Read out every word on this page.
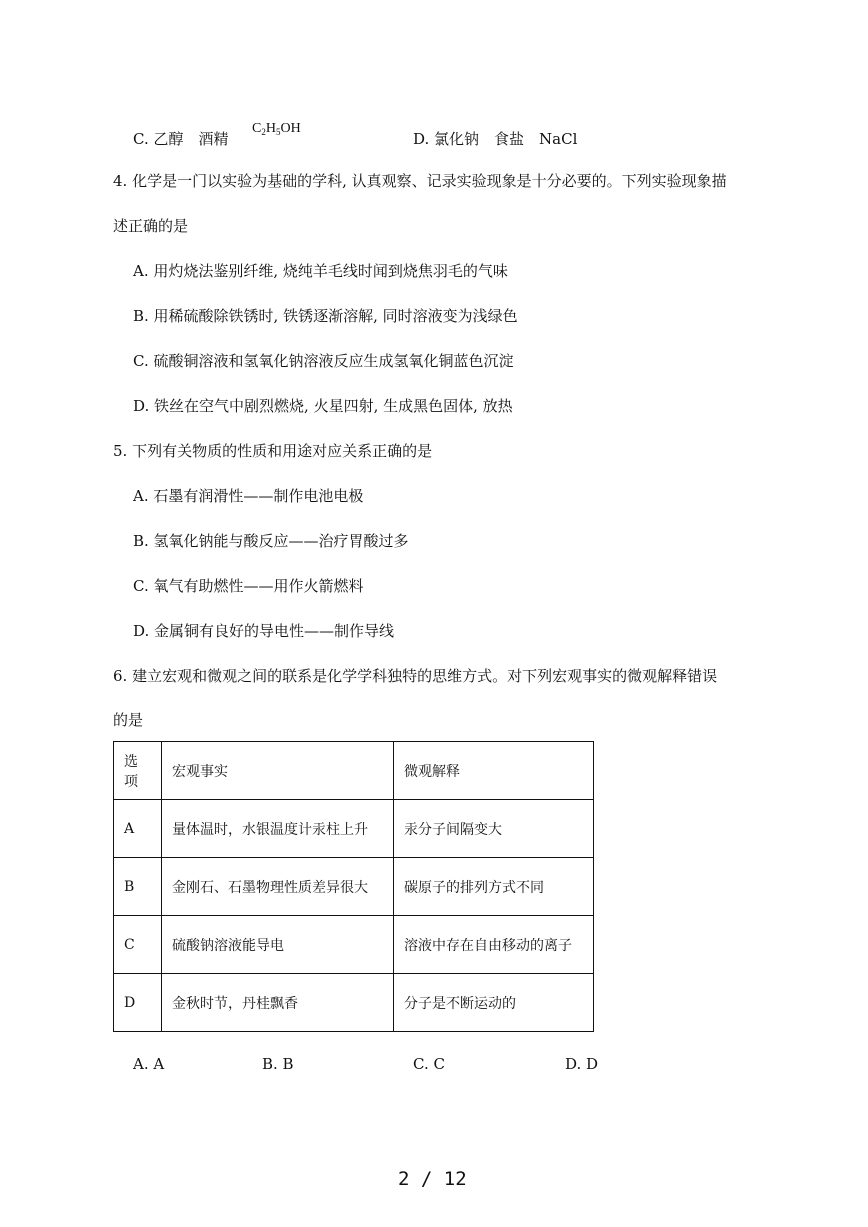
C. 乙醇　酒精
$C_2H_5OH$
D. 氯化钠　食盐　NaCl
4. 化学是一门以实验为基础的学科, 认真观察、记录实验现象是十分必要的。下列实验现象描
述正确的是
A. 用灼烧法鉴别纤维, 烧纯羊毛线时闻到烧焦羽毛的气味
B. 用稀硫酸除铁锈时, 铁锈逐渐溶解, 同时溶液变为浅绿色
C. 硫酸铜溶液和氢氧化钠溶液反应生成氢氧化铜蓝色沉淀
D. 铁丝在空气中剧烈燃烧, 火星四射, 生成黑色固体, 放热
5. 下列有关物质的性质和用途对应关系正确的是
A. 石墨有润滑性——制作电池电极
B. 氢氧化钠能与酸反应——治疗胃酸过多
C. 氧气有助燃性——用作火箭燃料
D. 金属铜有良好的导电性——制作导线
6. 建立宏观和微观之间的联系是化学学科独特的思维方式。对下列宏观事实的微观解释错误
的是
选项	宏观事实	微观解释
A	量体温时，水银温度计汞柱上升	汞分子间隔变大
B	金刚石、石墨物理性质差异很大	碳原子的排列方式不同
C	硫酸钠溶液能导电	溶液中存在自由移动的离子
D	金秋时节，丹桂飘香	分子是不断运动的
A. A	B. B	C. C	D. D
2 / 12
